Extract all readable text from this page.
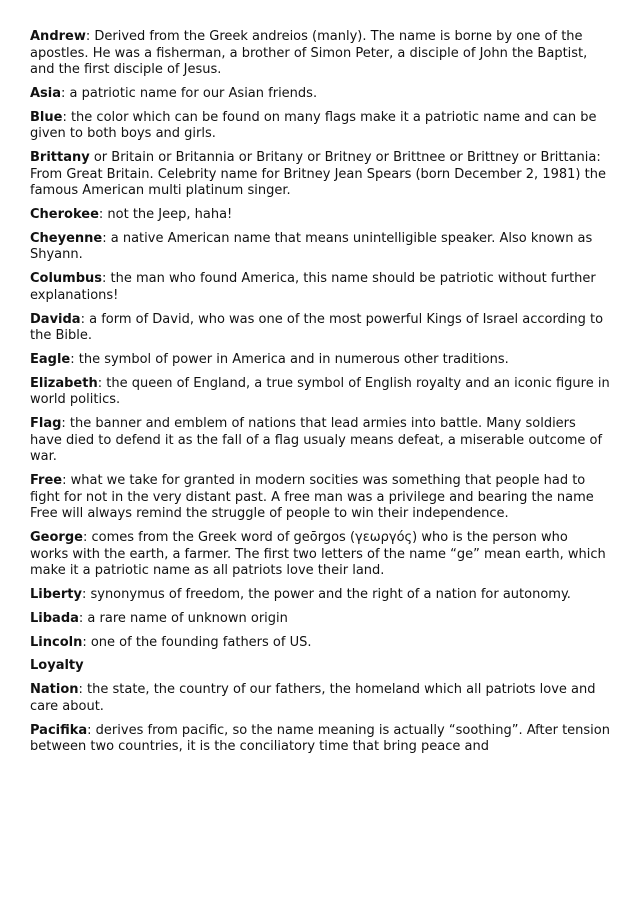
Andrew: Derived from the Greek andreios (manly). The name is borne by one of the apostles. He was a fisherman, a brother of Simon Peter, a disciple of John the Baptist, and the first disciple of Jesus.

Asia: a patriotic name for our Asian friends.

Blue: the color which can be found on many flags make it a patriotic name and can be given to both boys and girls.

Brittany or Britain or Britannia or Britany or Britney or Brittnee or Brittney or Brittania: From Great Britain. Celebrity name for Britney Jean Spears (born December 2, 1981) the famous American multi platinum singer.

Cherokee: not the Jeep, haha!

Cheyenne: a native American name that means unintelligible speaker. Also known as Shyann.

Columbus: the man who found America, this name should be patriotic without further explanations!

Davida: a form of David, who was one of the most powerful Kings of Israel according to the Bible.

Eagle: the symbol of power in America and in numerous other traditions.

Elizabeth: the queen of England, a true symbol of English royalty and an iconic figure in world politics.

Flag: the banner and emblem of nations that lead armies into battle. Many soldiers have died to defend it as the fall of a flag usualy means defeat, a miserable outcome of war.

Free: what we take for granted in modern socities was something that people had to fight for not in the very distant past. A free man was a privilege and bearing the name Free will always remind the struggle of people to win their independence.

George: comes from the Greek word of geōrgos (γεωργός) who is the person who works with the earth, a farmer. The first two letters of the name “ge” mean earth, which make it a patriotic name as all patriots love their land.

Liberty: synonymus of freedom, the power and the right of a nation for autonomy.

Libada: a rare name of unknown origin

Lincoln: one of the founding fathers of US.

Loyalty

Nation: the state, the country of our fathers, the homeland which all patriots love and care about.

Pacifika: derives from pacific, so the name meaning is actually “soothing”. After tension between two countries, it is the conciliatory time that bring peace and
